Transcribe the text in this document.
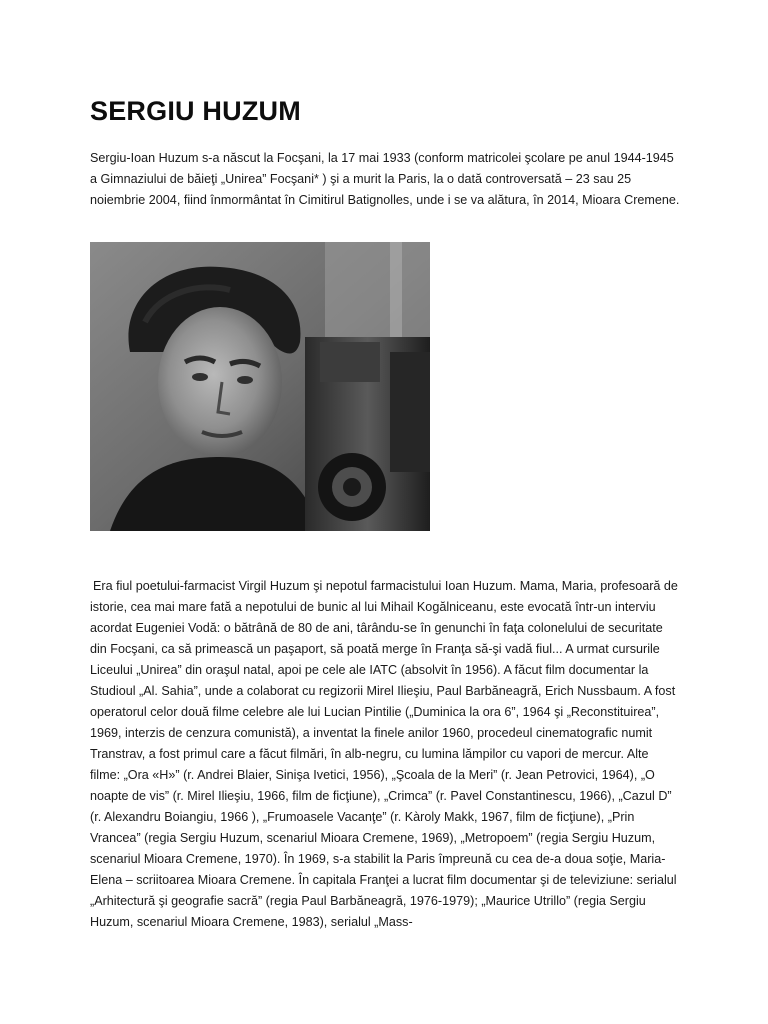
SERGIU HUZUM

Sergiu-Ioan Huzum s-a născut la Focşani, la 17 mai 1933 (conform matricolei şcolare pe anul 1944-1945 a Gimnaziului de băieţi „Unirea” Focşani* ) şi a murit la Paris, la o dată controversată – 23 sau 25 noiembrie 2004, fiind înmormântat în Cimitirul Batignolles, unde i se va alătura, în 2014, Mioara Cremene.

Era fiul poetului-farmacist Virgil Huzum şi nepotul farmacistului Ioan Huzum. Mama, Maria, profesoară de istorie, cea mai mare fată a nepotului de bunic al lui Mihail Kogălniceanu, este evocată într-un interviu acordat Eugeniei Vodă: o bătrână de 80 de ani, târându-se în genunchi în faţa colonelului de securitate din Focşani, ca să primească un paşaport, să poată merge în Franţa să-şi vadă fiul... A urmat cursurile Liceului „Unirea” din oraşul natal, apoi pe cele ale IATC (absolvit în 1956). A făcut film documentar la Studioul „Al. Sahia”, unde a colaborat cu regizorii Mirel Ilieşiu, Paul Barbăneagră, Erich Nussbaum. A fost operatorul celor două filme celebre ale lui Lucian Pintilie („Duminica la ora 6”, 1964 şi „Reconstituirea”, 1969, interzis de cenzura comunistă), a inventat la finele anilor 1960, procedeul cinematografic numit Transtrav, a fost primul care a făcut filmări, în alb-negru, cu lumina lămpilor cu vapori de mercur. Alte filme: „Ora «H»” (r. Andrei Blaier, Sinişa Ivetici, 1956), „Şcoala de la Meri” (r. Jean Petrovici, 1964), „O noapte de vis” (r. Mirel Ilieşiu, 1966, film de ficţiune), „Crimca” (r. Pavel Constantinescu, 1966), „Cazul D” (r. Alexandru Boiangiu, 1966 ), „Frumoasele Vacanţe” (r. Kàroly Makk, 1967, film de ficţiune), „Prin Vrancea” (regia Sergiu Huzum, scenariul Mioara Cremene, 1969), „Metropoem” (regia Sergiu Huzum, scenariul Mioara Cremene, 1970). În 1969, s-a stabilit la Paris împreună cu cea de-a doua soţie, Maria-Elena – scriitoarea Mioara Cremene. În capitala Franţei a lucrat film documentar şi de televiziune: serialul „Arhitectură şi geografie sacră” (regia Paul Barbăneagră, 1976-1979); „Maurice Utrillo” (regia Sergiu Huzum, scenariul Mioara Cremene, 1983), serialul „Mass-
